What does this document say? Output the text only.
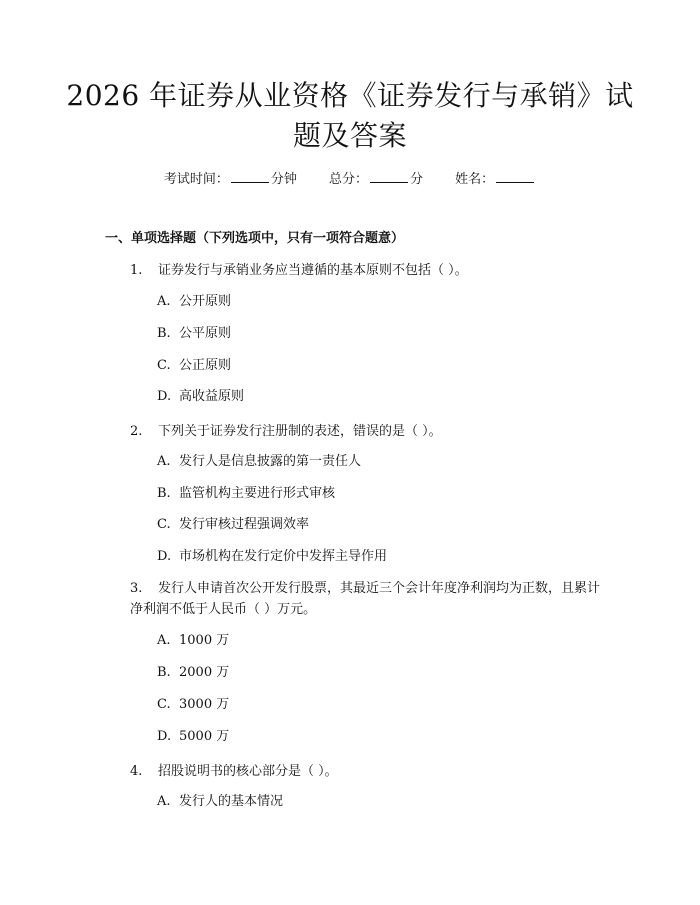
2026 年证券从业资格《证券发行与承销》试
题及答案
考试时间：	分钟 总分：	分 姓名：
一、单项选择题（下列选项中，只有一项符合题意）
1. 证券发行与承销业务应当遵循的基本原则不包括（ ）。
A. 公开原则
B. 公平原则
C. 公正原则
D. 高收益原则
2. 下列关于证券发行注册制的表述，错误的是（ ）。
A. 发行人是信息披露的第一责任人
B. 监管机构主要进行形式审核
C. 发行审核过程强调效率
D. 市场机构在发行定价中发挥主导作用
3. 发行人申请首次公开发行股票，其最近三个会计年度净利润均为正数，且累计净利润不低于人民币（ ）万元。
A. 1000 万
B. 2000 万
C. 3000 万
D. 5000 万
4. 招股说明书的核心部分是（ ）。
A. 发行人的基本情况
